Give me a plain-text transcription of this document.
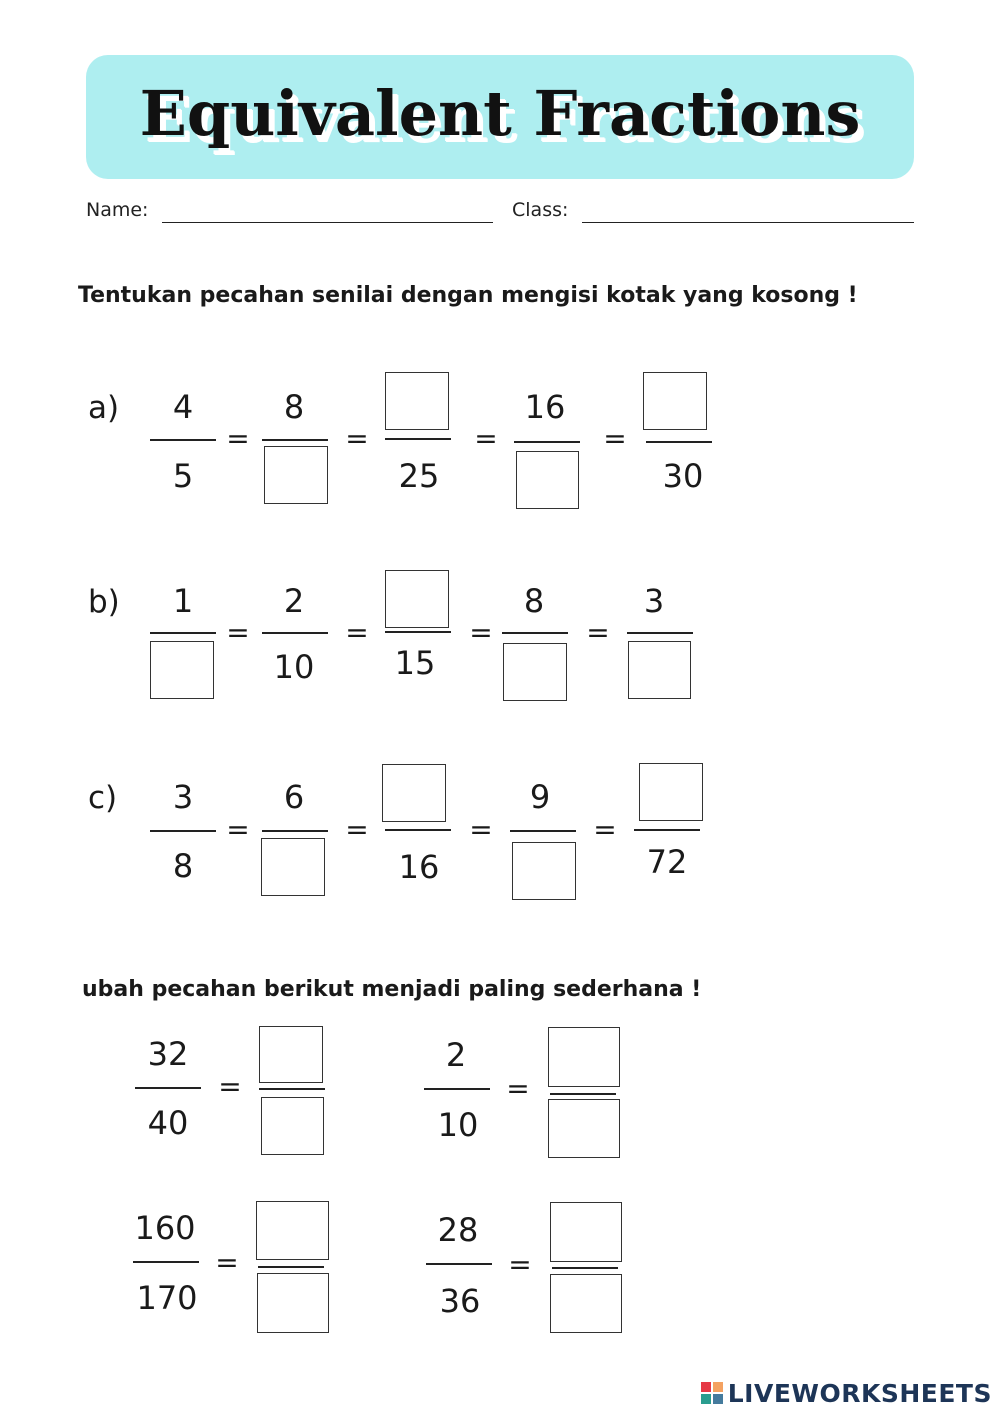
Equivalent Fractions
Name:	Class:
Tentukan pecahan senilai dengan mengisi kotak yang kosong !
a)	4
5
=
8
=
25
=
16
=
30
b)	1
=
2
10
=
15
=
8
=
3
c)	3
8
=
6
=
16
=
9
=
72
ubah pecahan berikut menjadi paling sederhana !
32
40
=
2
10
=
160
170
=
28
36
=
LIVEWORKSHEETS
